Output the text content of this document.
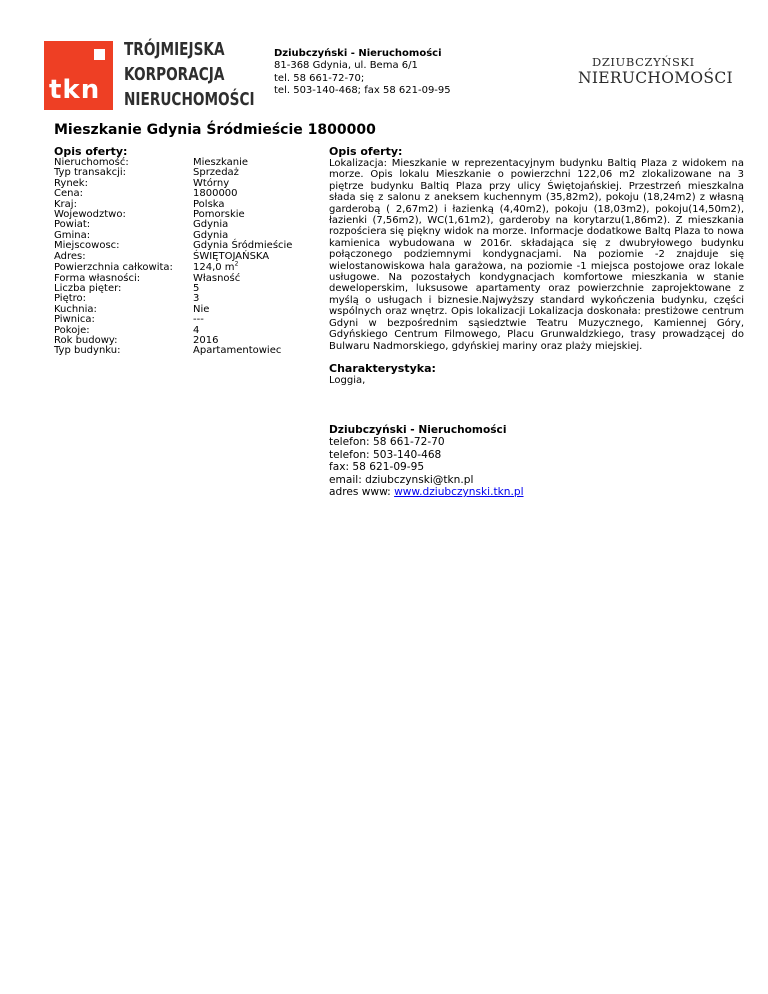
tkn
TRÓJMIEJSKA
KORPORACJA
NIERUCHOMOŚCI
Dziubczyński - Nieruchomości
81-368 Gdynia, ul. Bema 6/1
tel. 58 661-72-70;
tel. 503-140-468; fax 58 621-09-95
DZIUBCZYŃSKI
NIERUCHOMOŚCI
Mieszkanie Gdynia Śródmieście 1800000
Opis oferty:
Nieruchomość:	Mieszkanie
Typ transakcji:	Sprzedaż
Rynek:	Wtórny
Cena:	1800000
Kraj:	Polska
Wojewodztwo:	Pomorskie
Powiat:	Gdynia
Gmina:	Gdynia
Miejscowosc:	Gdynia Śródmieście
Adres:	ŚWIĘTOJAŃSKA
Powierzchnia całkowita:	124,0 $m^2$
Forma własności:	Własność
Liczba pięter:	5
Piętro:	3
Kuchnia:	Nie
Piwnica:	---
Pokoje:	4
Rok budowy:	2016
Typ budynku:	Apartamentowiec
Opis oferty:

Lokalizacja: Mieszkanie w reprezentacyjnym budynku Baltiq Plaza z widokem na morze. Opis lokalu Mieszkanie o powierzchni 122,06 m2 zlokalizowane na 3 piętrze budynku Baltiq Plaza przy ulicy Świętojańskiej. Przestrzeń mieszkalna słada się z salonu z aneksem kuchennym (35,82m2), pokoju (18,24m2) z własną garderobą ( 2,67m2) i łazienką (4,40m2), pokoju (18,03m2), pokoju(14,50m2), łazienki (7,56m2), WC(1,61m2), garderoby na korytarzu(1,86m2). Z mieszkania rozpościera się piękny widok na morze. Informacje dodatkowe Baltq Plaza to nowa kamienica wybudowana w 2016r. składająca się z dwubryłowego budynku połączonego podziemnymi kondygnacjami. Na poziomie -2 znajduje się wielostanowiskowa hala garażowa, na poziomie -1 miejsca postojowe oraz lokale usługowe. Na pozostałych kondygnacjach komfortowe mieszkania w stanie deweloperskim, luksusowe apartamenty oraz powierzchnie zaprojektowane z myślą o usługach i biznesie.Najwyższy standard wykończenia budynku, części wspólnych oraz wnętrz. Opis lokalizacji Lokalizacja doskonała: prestiżowe centrum Gdyni w bezpośrednim sąsiedztwie Teatru Muzycznego, Kamiennej Góry, Gdyńskiego Centrum Filmowego, Placu Grunwaldzkiego, trasy prowadzącej do Bulwaru Nadmorskiego, gdyńskiej mariny oraz plaży miejskiej.

Charakterystyka:
Loggia,
Dziubczyński - Nieruchomości
telefon: 58 661-72-70
telefon: 503-140-468
fax: 58 621-09-95
email: dziubczynski@tkn.pl
adres www: www.dziubczynski.tkn.pl
